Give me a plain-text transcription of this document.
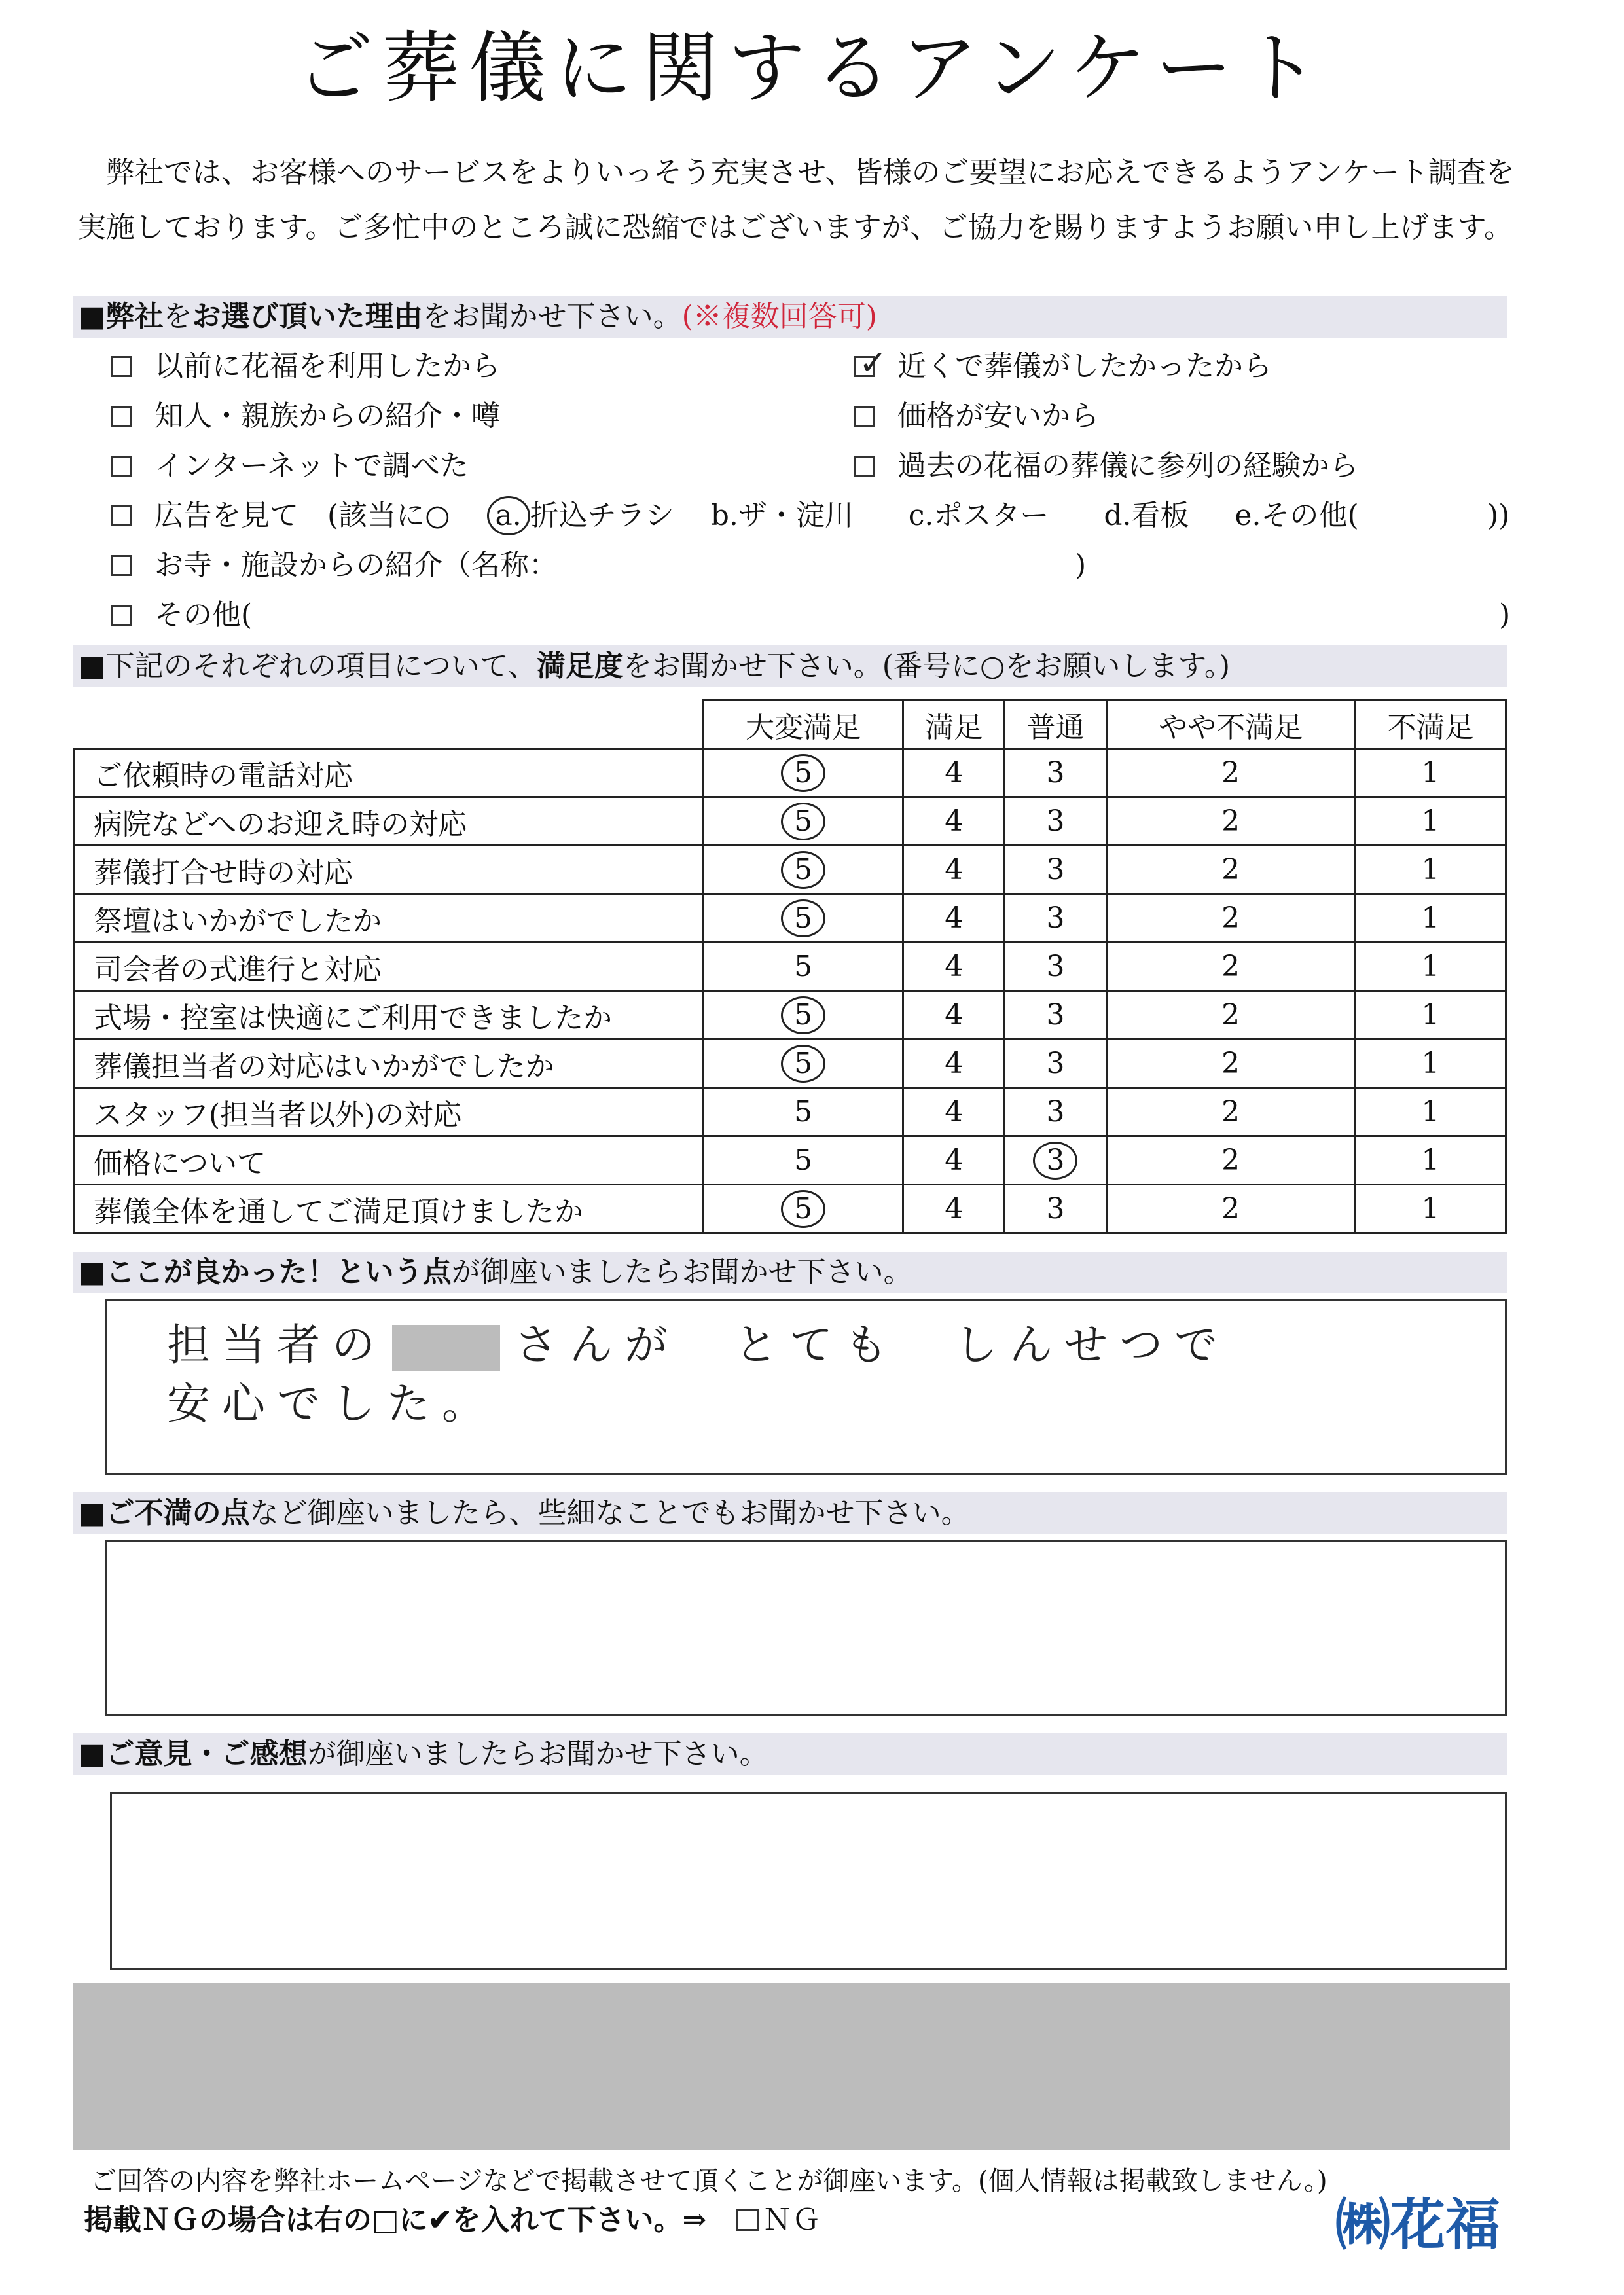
ご葬儀に関するアンケート
弊社では、お客様へのサービスをよりいっそう充実させ、皆様のご要望にお応えできるようアンケート調査を実施しております。ご多忙中のところ誠に恐縮ではございますが、ご協力を賜りますようお願い申し上げます。
■弊社をお選び頂いた理由をお聞かせ下さい。(※複数回答可)
以前に花福を利用したから
知人・親族からの紹介・噂
インターネットで調べた
✓ 近くで葬儀がしたかったから
価格が安いから
過去の花福の葬儀に参列の経験から
広告を見て　(該当に○ a. 折込チラシ b.ザ・淀川 c.ポスター d.看板 e.その他(	))
お寺・施設からの紹介（名称：	)
その他(	)
■下記のそれぞれの項目について、満足度をお聞かせ下さい。(番号に○をお願いします。)
	大変満足	満足	普通	やや不満足	不満足
ご依頼時の電話対応	5	4	3	2	1
病院などへのお迎え時の対応	5	4	3	2	1
葬儀打合せ時の対応	5	4	3	2	1
祭壇はいかがでしたか	5	4	3	2	1
司会者の式進行と対応	5	4	3	2	1
式場・控室は快適にご利用できましたか	5	4	3	2	1
葬儀担当者の対応はいかがでしたか	5	4	3	2	1
スタッフ(担当者以外)の対応	5	4	3	2	1
価格について	5	4	3	2	1
葬儀全体を通してご満足頂けましたか	5	4	3	2	1
■ここが良かった！という点が御座いましたらお聞かせ下さい。
担当者の	さんが　とても　しんせつで
安心でした。
■ご不満の点など御座いましたら、些細なことでもお聞かせ下さい。
■ご意見・ご感想が御座いましたらお聞かせ下さい。
ご回答の内容を弊社ホームページなどで掲載させて頂くことが御座います。(個人情報は掲載致しません。)
掲載ＮＧの場合は右の□に✔を入れて下さい。⇒ ＮＧ	㈱花福
